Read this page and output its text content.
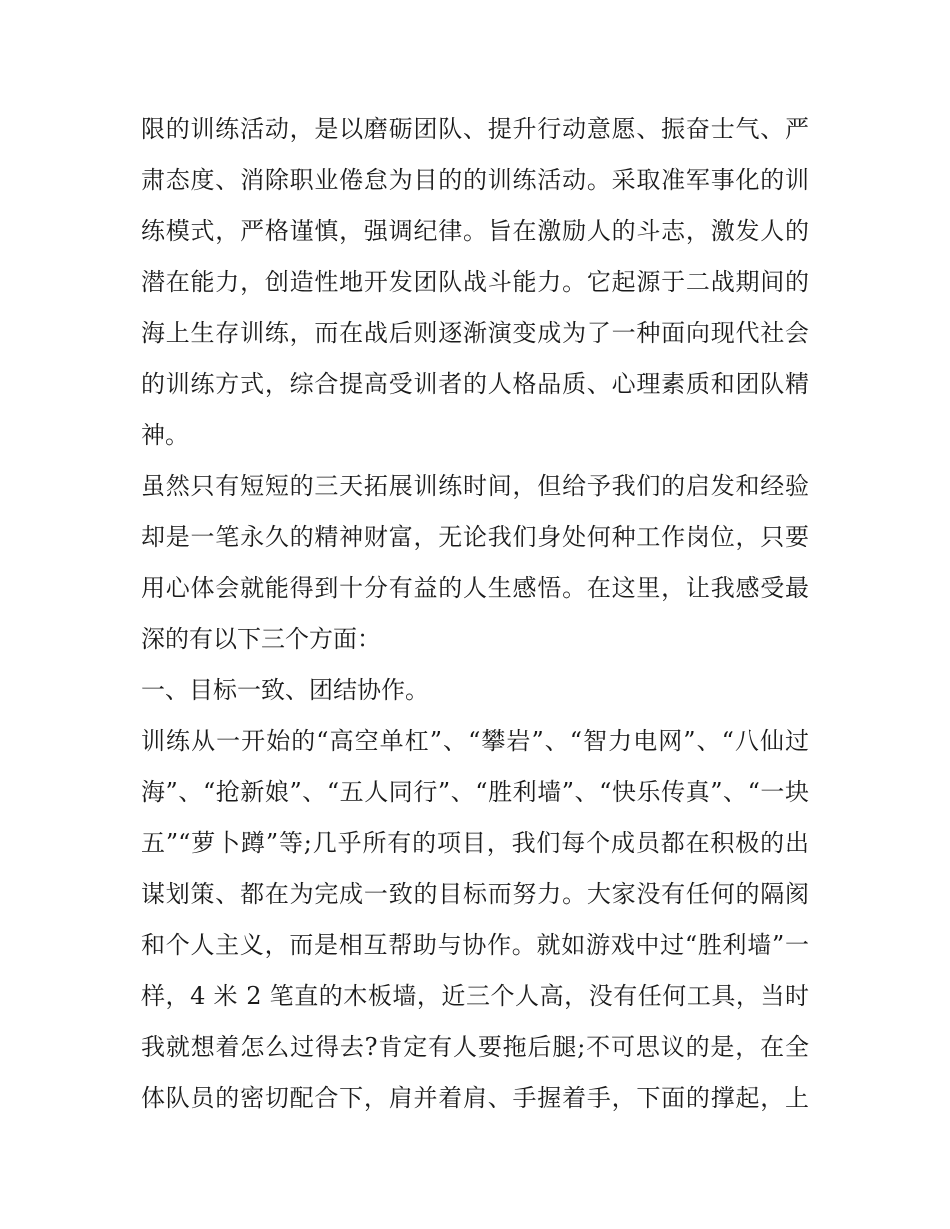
限的训练活动，是以磨砺团队、提升行动意愿、振奋士气、严
肃态度、消除职业倦怠为目的的训练活动。采取准军事化的训
练模式，严格谨慎，强调纪律。旨在激励人的斗志，激发人的
潜在能力，创造性地开发团队战斗能力。它起源于二战期间的
海上生存训练，而在战后则逐渐演变成为了一种面向现代社会
的训练方式，综合提高受训者的人格品质、心理素质和团队精
神。
虽然只有短短的三天拓展训练时间，但给予我们的启发和经验
却是一笔永久的精神财富，无论我们身处何种工作岗位，只要
用心体会就能得到十分有益的人生感悟。在这里，让我感受最
深的有以下三个方面：
一、目标一致、团结协作。
训练从一开始的“高空单杠”、“攀岩”、“智力电网”、“八仙过
海”、“抢新娘”、“五人同行”、“胜利墙”、“快乐传真”、“一块
五”“萝卜蹲”等;几乎所有的项目，我们每个成员都在积极的出
谋划策、都在为完成一致的目标而努力。大家没有任何的隔阂
和个人主义，而是相互帮助与协作。就如游戏中过“胜利墙”一
样，4 米 2 笔直的木板墙，近三个人高，没有任何工具，当时
我就想着怎么过得去?肯定有人要拖后腿;不可思议的是，在全
体队员的密切配合下，肩并着肩、手握着手，下面的撑起，上
